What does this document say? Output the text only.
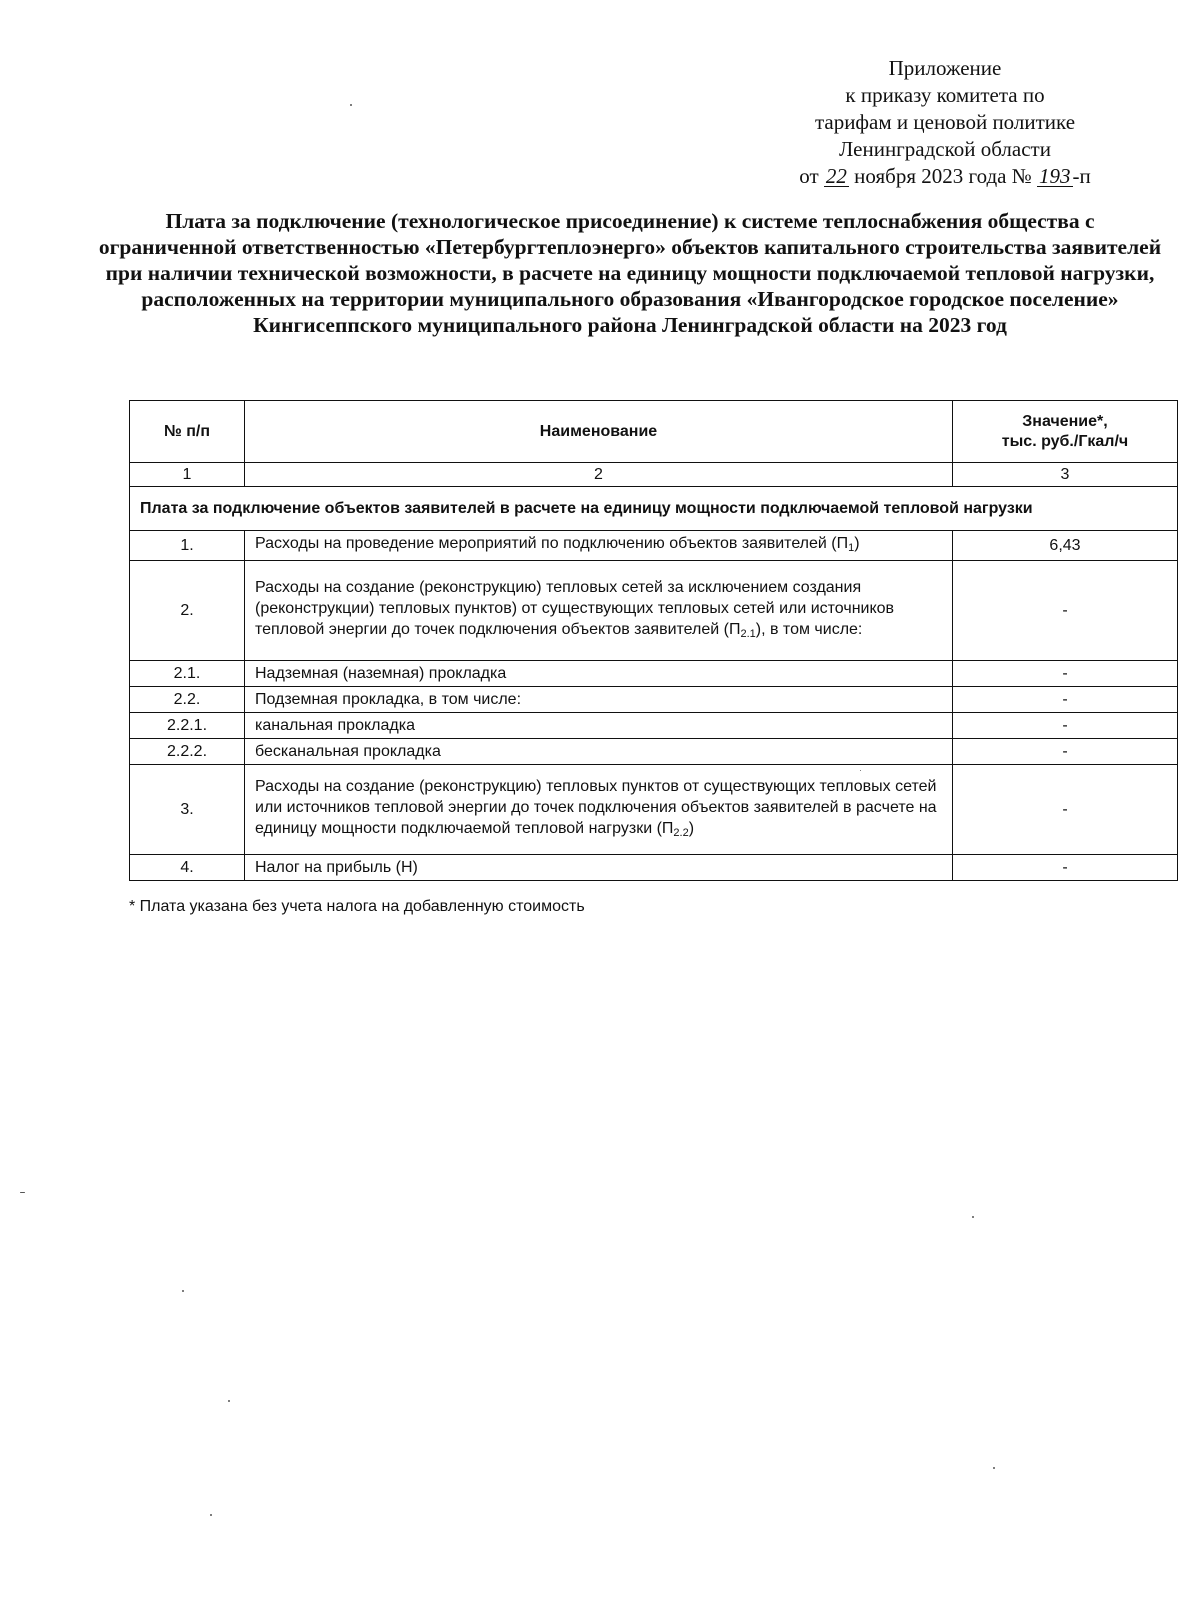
Приложение
к приказу комитета по
тарифам и ценовой политике
Ленинградской области
от 22 ноября 2023 года № 193-п
Плата за подключение (технологическое присоединение) к системе теплоснабжения общества с ограниченной ответственностью «Петербургтеплоэнерго» объектов капитального строительства заявителей при наличии технической возможности, в расчете на единицу мощности подключаемой тепловой нагрузки, расположенных на территории муниципального образования «Ивангородское городское поселение» Кингисеппского муниципального района Ленинградской области на 2023 год
№ п/п	Наименование	Значение*,
тыс. руб./Гкал/ч
1	2	3
Плата за подключение объектов заявителей в расчете на единицу мощности подключаемой тепловой нагрузки		
1.	Расходы на проведение мероприятий по подключению объектов заявителей $(П_1)$	6,43
2.	Расходы на создание (реконструкцию) тепловых сетей за исключением создания (реконструкции) тепловых пунктов) от существующих тепловых сетей или источников тепловой энергии до точек подключения объектов заявителей $(П_{2.1})$, в том числе:	-
2.1.	Надземная (наземная) прокладка	-
2.2.	Подземная прокладка, в том числе:	-
2.2.1.	канальная прокладка	-
2.2.2.	бесканальная прокладка	-
3.	Расходы на создание (реконструкцию) тепловых пунктов от существующих тепловых сетей или источников тепловой энергии до точек подключения объектов заявителей в расчете на единицу мощности подключаемой тепловой нагрузки $(П_{2.2})$	-
4.	Налог на прибыль (Н)	-
* Плата указана без учета налога на добавленную стоимость
